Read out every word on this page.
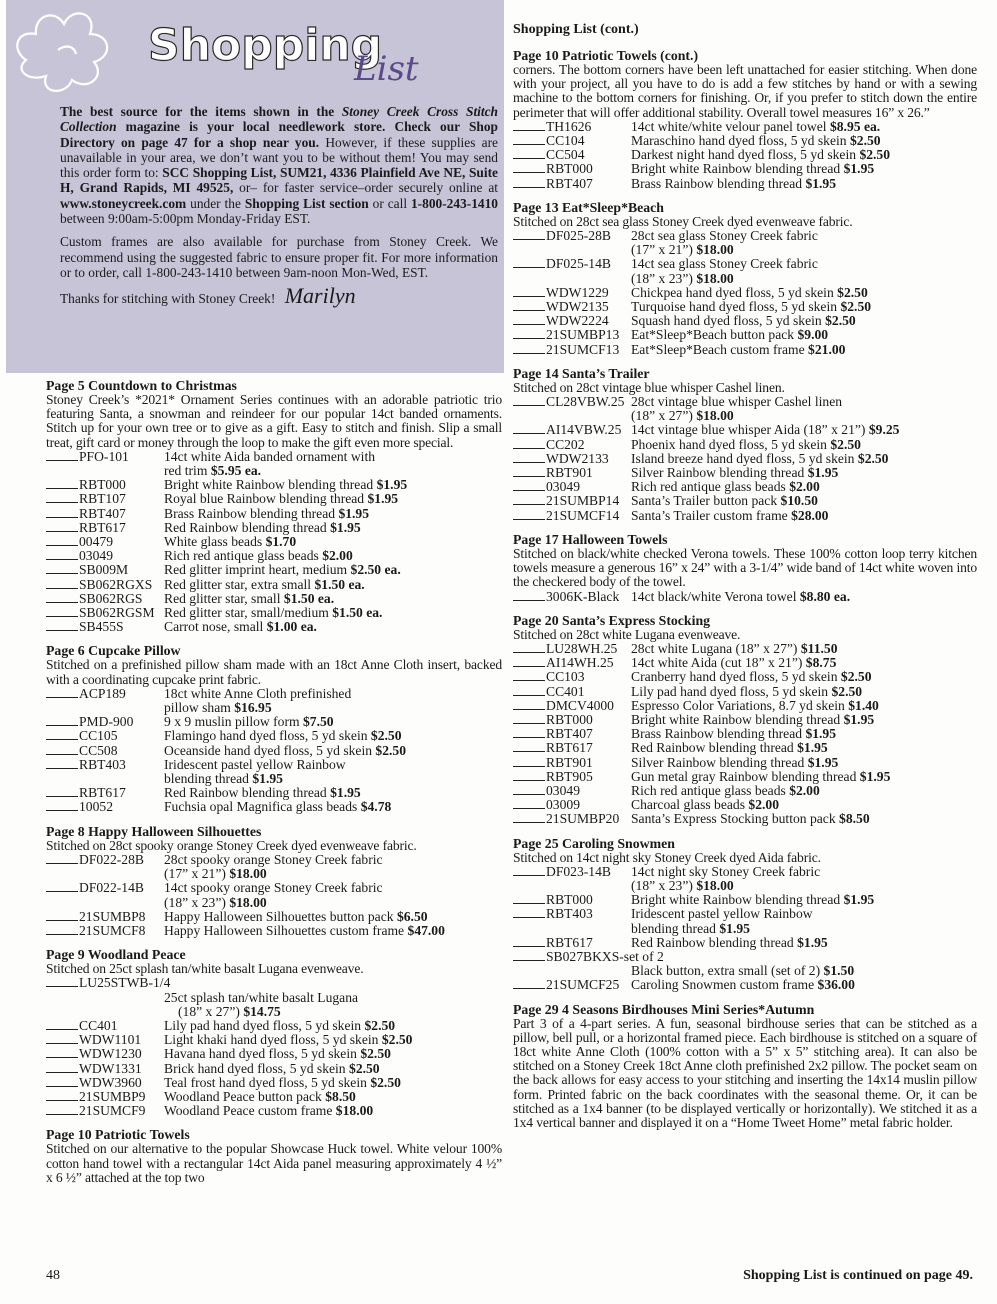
Shopping
List

The best source for the items shown in the Stoney Creek Cross Stitch Collection magazine is your local needlework store. Check our Shop Directory on page 47 for a shop near you. However, if these supplies are unavailable in your area, we don’t want you to be without them! You may send this order form to: SCC Shopping List, SUM21, 4336 Plainfield Ave NE, Suite H, Grand Rapids, MI 49525, or– for faster service–order securely online at www.stoneycreek.com under the Shopping List section or call 1-800-243-1410 between 9:00am-5:00pm Monday-Friday EST.

Custom frames are also available for purchase from Stoney Creek. We recommend using the suggested fabric to ensure proper fit. For more information or to order, call 1-800-243-1410 between 9am-noon Mon-Wed, EST.

Thanks for stitching with Stoney Creek! Marilyn

Page 5 Countdown to Christmas
Stoney Creek’s *2021* Ornament Series continues with an adorable patriotic trio featuring Santa, a snowman and reindeer for our popular 14ct banded ornaments. Stitch up for your own tree or to give as a gift. Easy to stitch and finish. Slip a small treat, gift card or money through the loop to make the gift even more special.
PFO-101	14ct white Aida banded ornament with
red trim $5.95 ea.
RBT000	Bright white Rainbow blending thread $1.95
RBT107	Royal blue Rainbow blending thread $1.95
RBT407	Brass Rainbow blending thread $1.95
RBT617	Red Rainbow blending thread $1.95
00479	White glass beads $1.70
03049	Rich red antique glass beads $2.00
SB009M	Red glitter imprint heart, medium $2.50 ea.
SB062RGXS Red glitter star, extra small $1.50 ea.
SB062RGS	Red glitter star, small $1.50 ea.
SB062RGSM Red glitter star, small/medium $1.50 ea.
SB455S	Carrot nose, small $1.00 ea.
Page 6 Cupcake Pillow
Stitched on a prefinished pillow sham made with an 18ct Anne Cloth insert, backed with a coordinating cupcake print fabric.
ACP189	18ct white Anne Cloth prefinished
pillow sham $16.95
PMD-900	9 x 9 muslin pillow form $7.50
CC105	Flamingo hand dyed floss, 5 yd skein $2.50
CC508	Oceanside hand dyed floss, 5 yd skein $2.50
RBT403	Iridescent pastel yellow Rainbow
blending thread $1.95
RBT617	Red Rainbow blending thread $1.95
10052	Fuchsia opal Magnifica glass beads $4.78
Page 8 Happy Halloween Silhouettes
Stitched on 28ct spooky orange Stoney Creek dyed evenweave fabric.
DF022-28B	28ct spooky orange Stoney Creek fabric
(17” x 21”) $18.00
DF022-14B	14ct spooky orange Stoney Creek fabric
(18” x 23”) $18.00
21SUMBP8	Happy Halloween Silhouettes button pack $6.50
21SUMCF8	Happy Halloween Silhouettes custom frame $47.00
Page 9 Woodland Peace
Stitched on 25ct splash tan/white basalt Lugana evenweave.
LU25STWB-1/4
25ct splash tan/white basalt Lugana
(18” x 27”) $14.75
CC401	Lily pad hand dyed floss, 5 yd skein $2.50
WDW1101	Light khaki hand dyed floss, 5 yd skein $2.50
WDW1230	Havana hand dyed floss, 5 yd skein $2.50
WDW1331	Brick hand dyed floss, 5 yd skein $2.50
WDW3960	Teal frost hand dyed floss, 5 yd skein $2.50
21SUMBP9	Woodland Peace button pack $8.50
21SUMCF9	Woodland Peace custom frame $18.00
Page 10 Patriotic Towels
Stitched on our alternative to the popular Showcase Huck towel. White velour 100% cotton hand towel with a rectangular 14ct Aida panel measuring approximately 4 ½” x 6 ½” attached at the top two
Shopping List (cont.)
Page 10 Patriotic Towels (cont.)
corners. The bottom corners have been left unattached for easier stitching. When done with your project, all you have to do is add a few stitches by hand or with a sewing machine to the bottom corners for finishing. Or, if you prefer to stitch down the entire perimeter that will offer additional stability. Overall towel measures 16” x 26.”
TH1626	14ct white/white velour panel towel $8.95 ea.
CC104	Maraschino hand dyed floss, 5 yd skein $2.50
CC504	Darkest night hand dyed floss, 5 yd skein $2.50
RBT000	Bright white Rainbow blending thread $1.95
RBT407	Brass Rainbow blending thread $1.95
Page 13 Eat*Sleep*Beach
Stitched on 28ct sea glass Stoney Creek dyed evenweave fabric.
DF025-28B	28ct sea glass Stoney Creek fabric
(17” x 21”) $18.00
DF025-14B	14ct sea glass Stoney Creek fabric
(18” x 23”) $18.00
WDW1229	Chickpea hand dyed floss, 5 yd skein $2.50
WDW2135	Turquoise hand dyed floss, 5 yd skein $2.50
WDW2224	Squash hand dyed floss, 5 yd skein $2.50
21SUMBP13 Eat*Sleep*Beach button pack $9.00
21SUMCF13 Eat*Sleep*Beach custom frame $21.00
Page 14 Santa’s Trailer
Stitched on 28ct vintage blue whisper Cashel linen.
CL28VBW.25 28ct vintage blue whisper Cashel linen
(18” x 27”) $18.00
AI14VBW.25 14ct vintage blue whisper Aida (18” x 21”) $9.25
CC202	Phoenix hand dyed floss, 5 yd skein $2.50
WDW2133	Island breeze hand dyed floss, 5 yd skein $2.50
RBT901	Silver Rainbow blending thread $1.95
03049	Rich red antique glass beads $2.00
21SUMBP14 Santa’s Trailer button pack $10.50
21SUMCF14 Santa’s Trailer custom frame $28.00
Page 17 Halloween Towels
Stitched on black/white checked Verona towels. These 100% cotton loop terry kitchen towels measure a generous 16” x 24” with a 3-1/4” wide band of 14ct white woven into the checkered body of the towel.
3006K-Black 14ct black/white Verona towel $8.80 ea.
Page 20 Santa’s Express Stocking
Stitched on 28ct white Lugana evenweave.
LU28WH.25	28ct white Lugana (18” x 27”) $11.50
AI14WH.25	14ct white Aida (cut 18” x 21”) $8.75
CC103	Cranberry hand dyed floss, 5 yd skein $2.50
CC401	Lily pad hand dyed floss, 5 yd skein $2.50
DMCV4000	Espresso Color Variations, 8.7 yd skein $1.40
RBT000	Bright white Rainbow blending thread $1.95
RBT407	Brass Rainbow blending thread $1.95
RBT617	Red Rainbow blending thread $1.95
RBT901	Silver Rainbow blending thread $1.95
RBT905	Gun metal gray Rainbow blending thread $1.95
03049	Rich red antique glass beads $2.00
03009	Charcoal glass beads $2.00
21SUMBP20 Santa’s Express Stocking button pack $8.50
Page 25 Caroling Snowmen
Stitched on 14ct night sky Stoney Creek dyed Aida fabric.
DF023-14B	14ct night sky Stoney Creek fabric
(18” x 23”) $18.00
RBT000	Bright white Rainbow blending thread $1.95
RBT403	Iridescent pastel yellow Rainbow
blending thread $1.95
RBT617	Red Rainbow blending thread $1.95
SB027BKXS-set of 2
Black button, extra small (set of 2) $1.50
21SUMCF25 Caroling Snowmen custom frame $36.00
Page 29 4 Seasons Birdhouses Mini Series*Autumn
Part 3 of a 4-part series. A fun, seasonal birdhouse series that can be stitched as a pillow, bell pull, or a horizontal framed piece. Each birdhouse is stitched on a square of 18ct white Anne Cloth (100% cotton with a 5” x 5” stitching area). It can also be stitched on a Stoney Creek 18ct Anne cloth prefinished 2x2 pillow. The pocket seam on the back allows for easy access to your stitching and inserting the 14x14 muslin pillow form. Printed fabric on the back coordinates with the seasonal theme. Or, it can be stitched as a 1x4 banner (to be displayed vertically or horizontally). We stitched it as a 1x4 vertical banner and displayed it on a “Home Tweet Home” metal fabric holder.
48	Shopping List is continued on page 49.
